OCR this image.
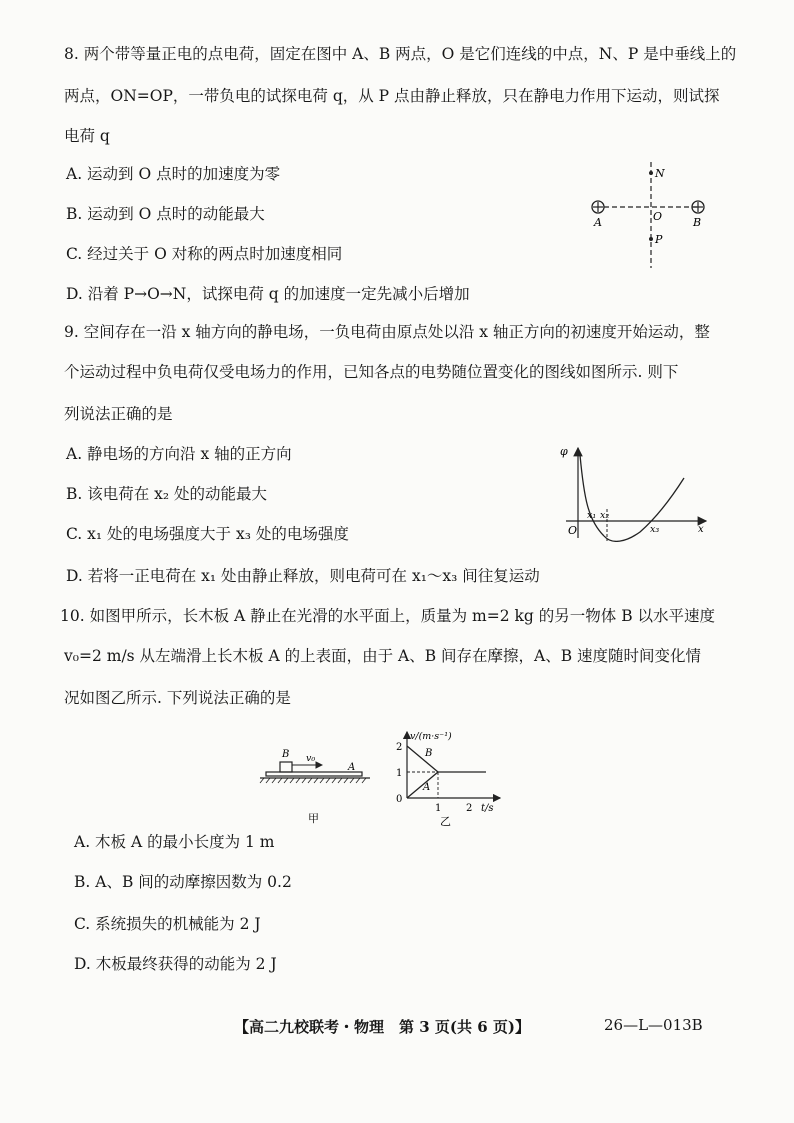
8. 两个带等量正电的点电荷，固定在图中 A、B 两点，O 是它们连线的中点，N、P 是中垂线上的
两点，ON=OP，一带负电的试探电荷 q，从 P 点由静止释放，只在静电力作用下运动，则试探
电荷 q
A. 运动到 O 点时的加速度为零
B. 运动到 O 点时的动能最大
C. 经过关于 O 对称的两点时加速度相同
D. 沿着 P→O→N，试探电荷 q 的加速度一定先减小后增加
N
O
A	B
P
9. 空间存在一沿 x 轴方向的静电场，一负电荷由原点处以沿 x 轴正方向的初速度开始运动，整
个运动过程中负电荷仅受电场力的作用，已知各点的电势随位置变化的图线如图所示. 则下
列说法正确的是
A. 静电场的方向沿 x 轴的正方向
B. 该电荷在 x₂ 处的动能最大
C. x₁ 处的电场强度大于 x₃ 处的电场强度
D. 若将一正电荷在 x₁ 处由静止释放，则电荷可在 x₁～x₃ 间往复运动
φ
O
x₁ x₂
x₃	x
10. 如图甲所示，长木板 A 静止在光滑的水平面上，质量为 m=2 kg 的另一物体 B 以水平速度
v₀=2 m/s 从左端滑上长木板 A 的上表面，由于 A、B 间存在摩擦，A、B 速度随时间变化情
况如图乙所示. 下列说法正确的是
B v₀
A
甲
v/(m·s⁻¹)
2
1
0
1 2 t/s
B
A
乙
A. 木板 A 的最小长度为 1 m
B. A、B 间的动摩擦因数为 0.2
C. 系统损失的机械能为 2 J
D. 木板最终获得的动能为 2 J
【高二九校联考・物理　第 3 页(共 6 页)】	26—L—013B
